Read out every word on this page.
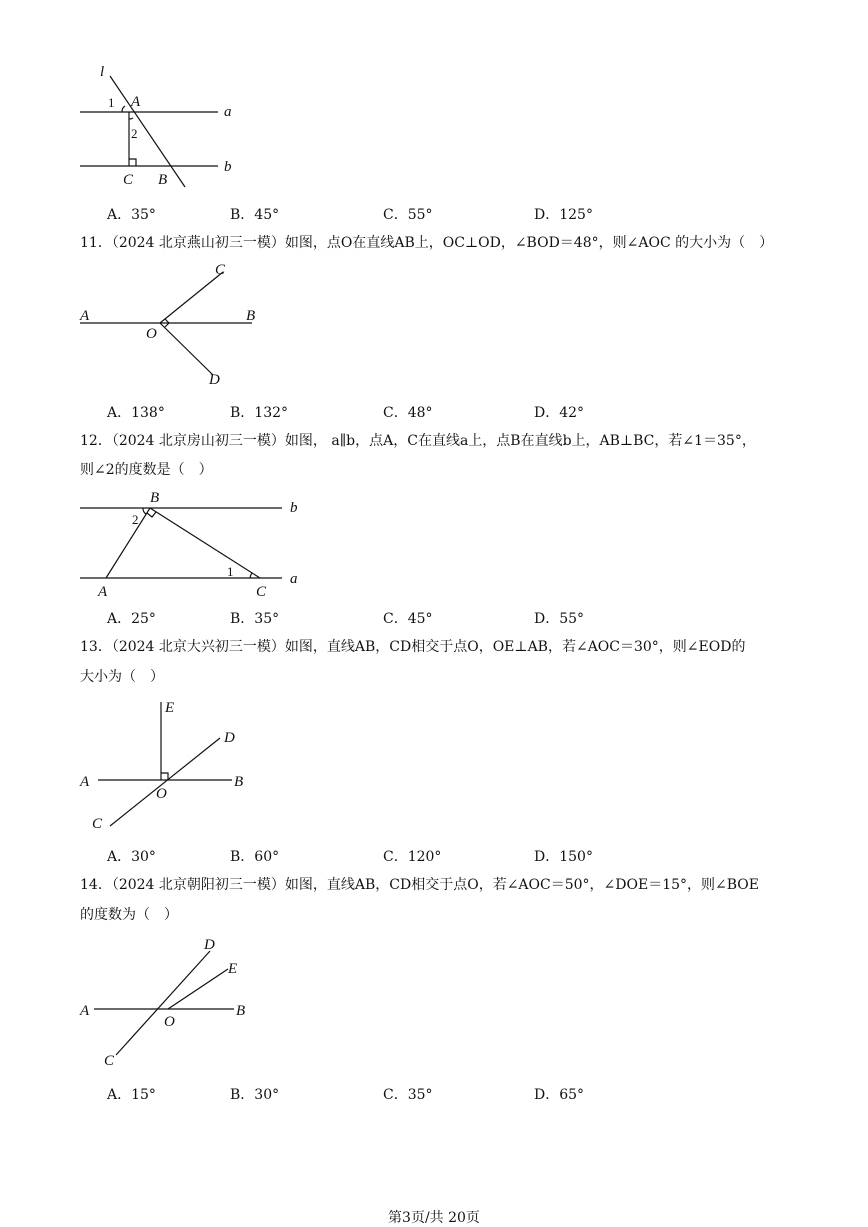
l
1 A
a
2
b
C B
A．35°	B．45°	C．55°	D．125°
11．（2024 北京燕山初三一模）如图，点O在直线AB上，OC⊥OD，∠BOD＝48°，则∠AOC 的大小为（　）
C
A	B
O
D
A．138°	B．132°	C．48°	D．42°
12．（2024 北京房山初三一模）如图， a∥b，点A，C在直线a上，点B在直线b上，AB⊥BC，若∠1＝35°，
则∠2的度数是（　）
B
b
2
1	a
A	C
A．25°	B．35°	C．45°	D．55°
13．（2024 北京大兴初三一模）如图，直线AB，CD相交于点O，OE⊥AB，若∠AOC＝30°，则∠EOD的
大小为（　）
E
D
A	B
O
C
A．30°	B．60°	C．120°	D．150°
14．（2024 北京朝阳初三一模）如图，直线AB，CD相交于点O，若∠AOC＝50°，∠DOE＝15°，则∠BOE
的度数为（　）
D
E
A	B
O
C
A．15°	B．30°	C．35°	D．65°
第3页/共 20页
